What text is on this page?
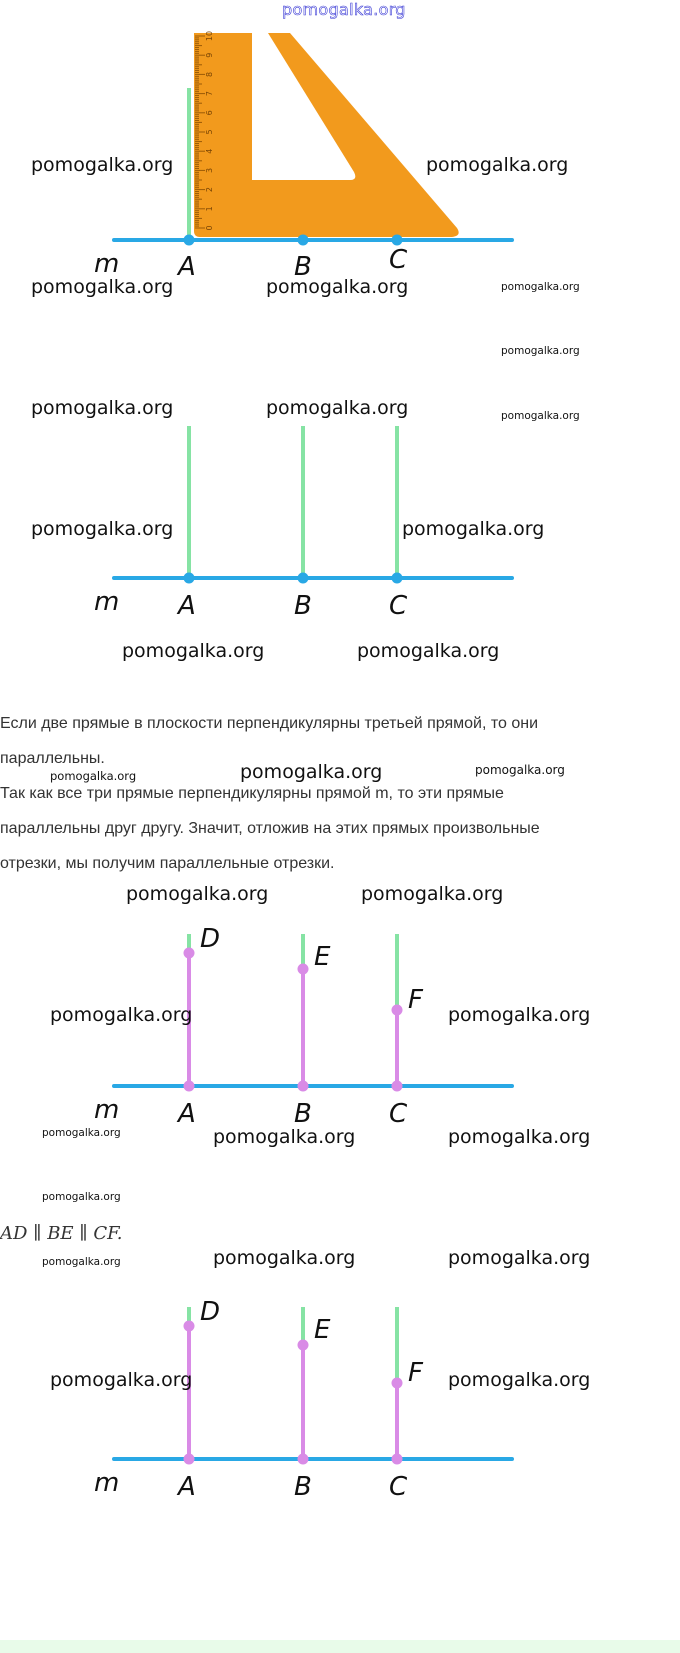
pomogalka.org
0
1
2
3
4
5
6
7
8
9
10
m A	B	C
m A	B	C
Если две прямые в плоскости перпендикулярны третьей прямой, то они
параллельны.
Так как все три прямые перпендикулярны прямой m, то эти прямые
параллельны друг другу. Значит, отложив на этих прямых произвольные
отрезки, мы получим параллельные отрезки.
D
E
F
m A	B	C
AD ∥ BE ∥ CF.
D
E
F
m A	B	C
pomogalka.org	pomogalka.org
pomogalka.org	pomogalka.org	pomogalka.org
pomogalka.org
pomogalka.org	pomogalka.org	pomogalka.org
pomogalka.org	pomogalka.org
pomogalka.org	pomogalka.org
pomogalka.org	pomogalka.org	pomogalka.org
pomogalka.org	pomogalka.org
pomogalka.org	pomogalka.org
pomogalka.org	pomogalka.org	pomogalka.org
pomogalka.org
pomogalka.org	pomogalka.org	pomogalka.org
pomogalka.org	pomogalka.org
